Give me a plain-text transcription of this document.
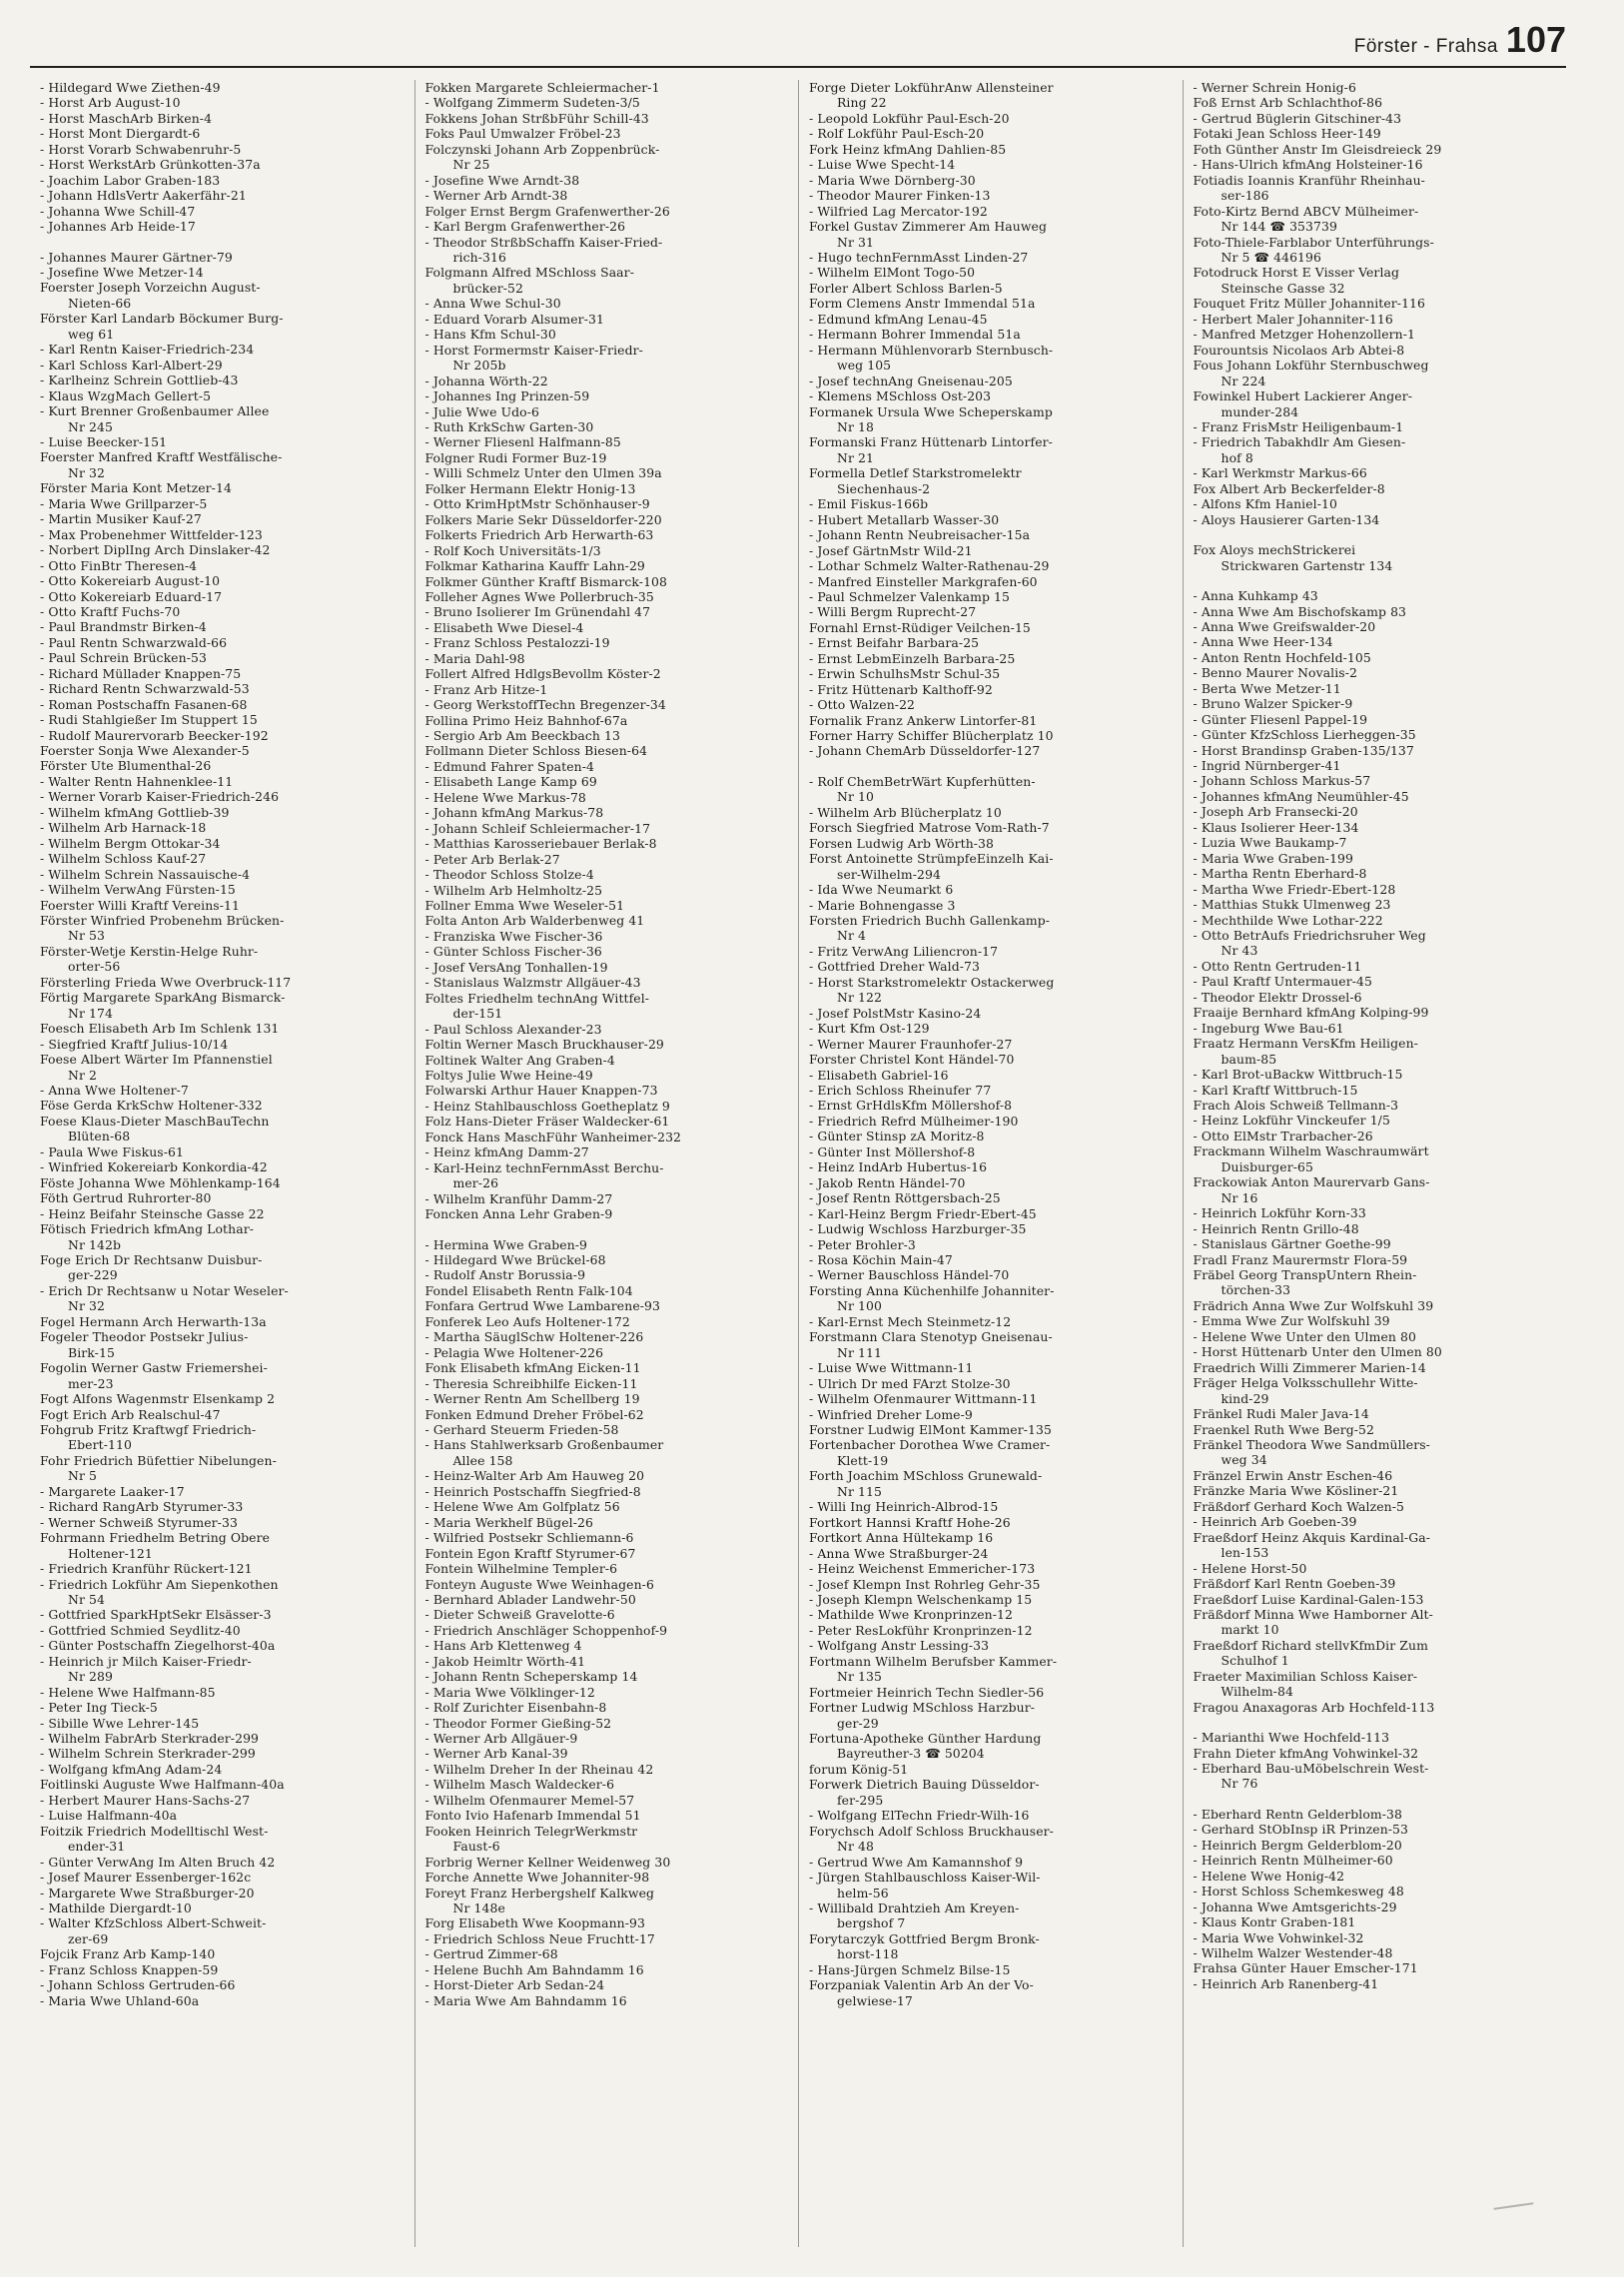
Förster - Frahsa 107
- Hildegard Wwe Ziethen-49
- Horst Arb August-10
- Horst MaschArb Birken-4
- Horst Mont Diergardt-6
- Horst Vorarb Schwabenruhr-5
- Horst WerkstArb Grünkotten-37a
- Joachim Labor Graben-183
- Johann HdlsVertr Aakerfähr-21
- Johanna Wwe Schill-47
- Johannes Arb Heide-17
- Johannes Maurer Gärtner-79
- Josefine Wwe Metzer-14
Foerster Joseph Vorzeichn August-
Nieten-66
Förster Karl Landarb Böckumer Burg-
weg 61
- Karl Rentn Kaiser-Friedrich-234
- Karl Schloss Karl-Albert-29
- Karlheinz Schrein Gottlieb-43
- Klaus WzgMach Gellert-5
- Kurt Brenner Großenbaumer Allee
Nr 245
- Luise Beecker-151
Foerster Manfred Kraftf Westfälische-
Nr 32
Förster Maria Kont Metzer-14
- Maria Wwe Grillparzer-5
- Martin Musiker Kauf-27
- Max Probenehmer Wittfelder-123
- Norbert DiplIng Arch Dinslaker-42
- Otto FinBtr Theresen-4
- Otto Kokereiarb August-10
- Otto Kokereiarb Eduard-17
- Otto Kraftf Fuchs-70
- Paul Brandmstr Birken-4
- Paul Rentn Schwarzwald-66
- Paul Schrein Brücken-53
- Richard Müllader Knappen-75
- Richard Rentn Schwarzwald-53
- Roman Postschaffn Fasanen-68
- Rudi Stahlgießer Im Stuppert 15
- Rudolf Maurervorarb Beecker-192
Foerster Sonja Wwe Alexander-5
Förster Ute Blumenthal-26
- Walter Rentn Hahnenklee-11
- Werner Vorarb Kaiser-Friedrich-246
- Wilhelm kfmAng Gottlieb-39
- Wilhelm Arb Harnack-18
- Wilhelm Bergm Ottokar-34
- Wilhelm Schloss Kauf-27
- Wilhelm Schrein Nassauische-4
- Wilhelm VerwAng Fürsten-15
Foerster Willi Kraftf Vereins-11
Förster Winfried Probenehm Brücken-
Nr 53
Förster-Wetje Kerstin-Helge Ruhr-
orter-56
Försterling Frieda Wwe Overbruck-117
Förtig Margarete SparkAng Bismarck-
Nr 174
Foesch Elisabeth Arb Im Schlenk 131
- Siegfried Kraftf Julius-10/14
Foese Albert Wärter Im Pfannenstiel
Nr 2
- Anna Wwe Holtener-7
Föse Gerda KrkSchw Holtener-332
Foese Klaus-Dieter MaschBauTechn
Blüten-68
- Paula Wwe Fiskus-61
- Winfried Kokereiarb Konkordia-42
Föste Johanna Wwe Möhlenkamp-164
Föth Gertrud Ruhrorter-80
- Heinz Beifahr Steinsche Gasse 22
Fötisch Friedrich kfmAng Lothar-
Nr 142b
Foge Erich Dr Rechtsanw Duisbur-
ger-229
- Erich Dr Rechtsanw u Notar Weseler-
Nr 32
Fogel Hermann Arch Herwarth-13a
Fogeler Theodor Postsekr Julius-
Birk-15
Fogolin Werner Gastw Friemershei-
mer-23
Fogt Alfons Wagenmstr Elsenkamp 2
Fogt Erich Arb Realschul-47
Fohgrub Fritz Kraftwgf Friedrich-
Ebert-110
Fohr Friedrich Büfettier Nibelungen-
Nr 5
- Margarete Laaker-17
- Richard RangArb Styrumer-33
- Werner Schweiß Styrumer-33
Fohrmann Friedhelm Betring Obere
Holtener-121
- Friedrich Kranführ Rückert-121
- Friedrich Lokführ Am Siepenkothen
Nr 54
- Gottfried SparkHptSekr Elsässer-3
- Gottfried Schmied Seydlitz-40
- Günter Postschaffn Ziegelhorst-40a
- Heinrich jr Milch Kaiser-Friedr-
Nr 289
- Helene Wwe Halfmann-85
- Peter Ing Tieck-5
- Sibille Wwe Lehrer-145
- Wilhelm FabrArb Sterkrader-299
- Wilhelm Schrein Sterkrader-299
- Wolfgang kfmAng Adam-24
Foitlinski Auguste Wwe Halfmann-40a
- Herbert Maurer Hans-Sachs-27
- Luise Halfmann-40a
Foitzik Friedrich Modelltischl West-
ender-31
- Günter VerwAng Im Alten Bruch 42
- Josef Maurer Essenberger-162c
- Margarete Wwe Straßburger-20
- Mathilde Diergardt-10
- Walter KfzSchloss Albert-Schweit-
zer-69
Fojcik Franz Arb Kamp-140
- Franz Schloss Knappen-59
- Johann Schloss Gertruden-66
- Maria Wwe Uhland-60a
Fokken Margarete Schleiermacher-1
- Wolfgang Zimmerm Sudeten-3/5
Fokkens Johan StrßbFühr Schill-43
Foks Paul Umwalzer Fröbel-23
Folczynski Johann Arb Zoppenbrück-
Nr 25
- Josefine Wwe Arndt-38
- Werner Arb Arndt-38
Folger Ernst Bergm Grafenwerther-26
- Karl Bergm Grafenwerther-26
- Theodor StrßbSchaffn Kaiser-Fried-
rich-316
Folgmann Alfred MSchloss Saar-
brücker-52
- Anna Wwe Schul-30
- Eduard Vorarb Alsumer-31
- Hans Kfm Schul-30
- Horst Formermstr Kaiser-Friedr-
Nr 205b
- Johanna Wörth-22
- Johannes Ing Prinzen-59
- Julie Wwe Udo-6
- Ruth KrkSchw Garten-30
- Werner Fliesenl Halfmann-85
Folgner Rudi Former Buz-19
- Willi Schmelz Unter den Ulmen 39a
Folker Hermann Elektr Honig-13
- Otto KrimHptMstr Schönhauser-9
Folkers Marie Sekr Düsseldorfer-220
Folkerts Friedrich Arb Herwarth-63
- Rolf Koch Universitäts-1/3
Folkmar Katharina Kauffr Lahn-29
Folkmer Günther Kraftf Bismarck-108
Folleher Agnes Wwe Pollerbruch-35
- Bruno Isolierer Im Grünendahl 47
- Elisabeth Wwe Diesel-4
- Franz Schloss Pestalozzi-19
- Maria Dahl-98
Follert Alfred HdlgsBevollm Köster-2
- Franz Arb Hitze-1
- Georg WerkstoffTechn Bregenzer-34
Follina Primo Heiz Bahnhof-67a
- Sergio Arb Am Beeckbach 13
Follmann Dieter Schloss Biesen-64
- Edmund Fahrer Spaten-4
- Elisabeth Lange Kamp 69
- Helene Wwe Markus-78
- Johann kfmAng Markus-78
- Johann Schleif Schleiermacher-17
- Matthias Karosseriebauer Berlak-8
- Peter Arb Berlak-27
- Theodor Schloss Stolze-4
- Wilhelm Arb Helmholtz-25
Follner Emma Wwe Weseler-51
Folta Anton Arb Walderbenweg 41
- Franziska Wwe Fischer-36
- Günter Schloss Fischer-36
- Josef VersAng Tonhallen-19
- Stanislaus Walzmstr Allgäuer-43
Foltes Friedhelm technAng Wittfel-
der-151
- Paul Schloss Alexander-23
Foltin Werner Masch Bruckhauser-29
Foltinek Walter Ang Graben-4
Foltys Julie Wwe Heine-49
Folwarski Arthur Hauer Knappen-73
- Heinz Stahlbauschloss Goetheplatz 9
Folz Hans-Dieter Fräser Waldecker-61
Fonck Hans MaschFühr Wanheimer-232
- Heinz kfmAng Damm-27
- Karl-Heinz technFernmAsst Berchu-
mer-26
- Wilhelm Kranführ Damm-27
Foncken Anna Lehr Graben-9
- Hermina Wwe Graben-9
- Hildegard Wwe Brückel-68
- Rudolf Anstr Borussia-9
Fondel Elisabeth Rentn Falk-104
Fonfara Gertrud Wwe Lambarene-93
Fonferek Leo Aufs Holtener-172
- Martha SäuglSchw Holtener-226
- Pelagia Wwe Holtener-226
Fonk Elisabeth kfmAng Eicken-11
- Theresia Schreibhilfe Eicken-11
- Werner Rentn Am Schellberg 19
Fonken Edmund Dreher Fröbel-62
- Gerhard Steuerm Frieden-58
- Hans Stahlwerksarb Großenbaumer
Allee 158
- Heinz-Walter Arb Am Hauweg 20
- Heinrich Postschaffn Siegfried-8
- Helene Wwe Am Golfplatz 56
- Maria Werkhelf Bügel-26
- Wilfried Postsekr Schliemann-6
Fontein Egon Kraftf Styrumer-67
Fontein Wilhelmine Templer-6
Fonteyn Auguste Wwe Weinhagen-6
- Bernhard Ablader Landwehr-50
- Dieter Schweiß Gravelotte-6
- Friedrich Anschläger Schoppenhof-9
- Hans Arb Klettenweg 4
- Jakob Heimltr Wörth-41
- Johann Rentn Scheperskamp 14
- Maria Wwe Völklinger-12
- Rolf Zurichter Eisenbahn-8
- Theodor Former Gießing-52
- Werner Arb Allgäuer-9
- Werner Arb Kanal-39
- Wilhelm Dreher In der Rheinau 42
- Wilhelm Masch Waldecker-6
- Wilhelm Ofenmaurer Memel-57
Fonto Ivio Hafenarb Immendal 51
Fooken Heinrich TelegrWerkmstr
Faust-6
Forbrig Werner Kellner Weidenweg 30
Forche Annette Wwe Johanniter-98
Foreyt Franz Herbergshelf Kalkweg
Nr 148e
Forg Elisabeth Wwe Koopmann-93
- Friedrich Schloss Neue Fruchtt-17
- Gertrud Zimmer-68
- Helene Buchh Am Bahndamm 16
- Horst-Dieter Arb Sedan-24
- Maria Wwe Am Bahndamm 16
Forge Dieter LokführAnw Allensteiner
Ring 22
- Leopold Lokführ Paul-Esch-20
- Rolf Lokführ Paul-Esch-20
Fork Heinz kfmAng Dahlien-85
- Luise Wwe Specht-14
- Maria Wwe Dörnberg-30
- Theodor Maurer Finken-13
- Wilfried Lag Mercator-192
Forkel Gustav Zimmerer Am Hauweg
Nr 31
- Hugo technFernmAsst Linden-27
- Wilhelm ElMont Togo-50
Forler Albert Schloss Barlen-5
Form Clemens Anstr Immendal 51a
- Edmund kfmAng Lenau-45
- Hermann Bohrer Immendal 51a
- Hermann Mühlenvorarb Sternbusch-
weg 105
- Josef technAng Gneisenau-205
- Klemens MSchloss Ost-203
Formanek Ursula Wwe Scheperskamp
Nr 18
Formanski Franz Hüttenarb Lintorfer-
Nr 21
Formella Detlef Starkstromelektr
Siechenhaus-2
- Emil Fiskus-166b
- Hubert Metallarb Wasser-30
- Johann Rentn Neubreisacher-15a
- Josef GärtnMstr Wild-21
- Lothar Schmelz Walter-Rathenau-29
- Manfred Einsteller Markgrafen-60
- Paul Schmelzer Valenkamp 15
- Willi Bergm Ruprecht-27
Fornahl Ernst-Rüdiger Veilchen-15
- Ernst Beifahr Barbara-25
- Ernst LebmEinzelh Barbara-25
- Erwin SchulhsMstr Schul-35
- Fritz Hüttenarb Kalthoff-92
- Otto Walzen-22
Fornalik Franz Ankerw Lintorfer-81
Forner Harry Schiffer Blücherplatz 10
- Johann ChemArb Düsseldorfer-127
- Rolf ChemBetrWärt Kupferhütten-
Nr 10
- Wilhelm Arb Blücherplatz 10
Forsch Siegfried Matrose Vom-Rath-7
Forsen Ludwig Arb Wörth-38
Forst Antoinette StrümpfeEinzelh Kai-
ser-Wilhelm-294
- Ida Wwe Neumarkt 6
- Marie Bohnengasse 3
Forsten Friedrich Buchh Gallenkamp-
Nr 4
- Fritz VerwAng Liliencron-17
- Gottfried Dreher Wald-73
- Horst Starkstromelektr Ostackerweg
Nr 122
- Josef PolstMstr Kasino-24
- Kurt Kfm Ost-129
- Werner Maurer Fraunhofer-27
Forster Christel Kont Händel-70
- Elisabeth Gabriel-16
- Erich Schloss Rheinufer 77
- Ernst GrHdlsKfm Möllershof-8
- Friedrich Refrd Mülheimer-190
- Günter Stinsp zA Moritz-8
- Günter Inst Möllershof-8
- Heinz IndArb Hubertus-16
- Jakob Rentn Händel-70
- Josef Rentn Röttgersbach-25
- Karl-Heinz Bergm Friedr-Ebert-45
- Ludwig Wschloss Harzburger-35
- Peter Brohler-3
- Rosa Köchin Main-47
- Werner Bauschloss Händel-70
Forsting Anna Küchenhilfe Johanniter-
Nr 100
- Karl-Ernst Mech Steinmetz-12
Forstmann Clara Stenotyp Gneisenau-
Nr 111
- Luise Wwe Wittmann-11
- Ulrich Dr med FArzt Stolze-30
- Wilhelm Ofenmaurer Wittmann-11
- Winfried Dreher Lome-9
Forstner Ludwig ElMont Kammer-135
Fortenbacher Dorothea Wwe Cramer-
Klett-19
Forth Joachim MSchloss Grunewald-
Nr 115
- Willi Ing Heinrich-Albrod-15
Fortkort Hannsi Kraftf Hohe-26
Fortkort Anna Hültekamp 16
- Anna Wwe Straßburger-24
- Heinz Weichenst Emmericher-173
- Josef Klempn Inst Rohrleg Gehr-35
- Joseph Klempn Welschenkamp 15
- Mathilde Wwe Kronprinzen-12
- Peter ResLokführ Kronprinzen-12
- Wolfgang Anstr Lessing-33
Fortmann Wilhelm Berufsber Kammer-
Nr 135
Fortmeier Heinrich Techn Siedler-56
Fortner Ludwig MSchloss Harzbur-
ger-29
Fortuna-Apotheke Günther Hardung
Bayreuther-3 ☎ 50204
forum König-51
Forwerk Dietrich Bauing Düsseldor-
fer-295
- Wolfgang ElTechn Friedr-Wilh-16
Forychsch Adolf Schloss Bruckhauser-
Nr 48
- Gertrud Wwe Am Kamannshof 9
- Jürgen Stahlbauschloss Kaiser-Wil-
helm-56
- Willibald Drahtzieh Am Kreyen-
bergshof 7
Forytarczyk Gottfried Bergm Bronk-
horst-118
- Hans-Jürgen Schmelz Bilse-15
Forzpaniak Valentin Arb An der Vo-
gelwiese-17
- Werner Schrein Honig-6
Foß Ernst Arb Schlachthof-86
- Gertrud Büglerin Gitschiner-43
Fotaki Jean Schloss Heer-149
Foth Günther Anstr Im Gleisdreieck 29
- Hans-Ulrich kfmAng Holsteiner-16
Fotiadis Ioannis Kranführ Rheinhau-
ser-186
Foto-Kirtz Bernd ABCV Mülheimer-
Nr 144 ☎ 353739
Foto-Thiele-Farblabor Unterführungs-
Nr 5 ☎ 446196
Fotodruck Horst E Visser Verlag
Steinsche Gasse 32
Fouquet Fritz Müller Johanniter-116
- Herbert Maler Johanniter-116
- Manfred Metzger Hohenzollern-1
Fourountsis Nicolaos Arb Abtei-8
Fous Johann Lokführ Sternbuschweg
Nr 224
Fowinkel Hubert Lackierer Anger-
munder-284
- Franz FrisMstr Heiligenbaum-1
- Friedrich Tabakhdlr Am Giesen-
hof 8
- Karl Werkmstr Markus-66
Fox Albert Arb Beckerfelder-8
- Alfons Kfm Haniel-10
- Aloys Hausierer Garten-134
Fox Aloys mechStrickerei
Strickwaren Gartenstr 134
- Anna Kuhkamp 43
- Anna Wwe Am Bischofskamp 83
- Anna Wwe Greifswalder-20
- Anna Wwe Heer-134
- Anton Rentn Hochfeld-105
- Benno Maurer Novalis-2
- Berta Wwe Metzer-11
- Bruno Walzer Spicker-9
- Günter Fliesenl Pappel-19
- Günter KfzSchloss Lierheggen-35
- Horst Brandinsp Graben-135/137
- Ingrid Nürnberger-41
- Johann Schloss Markus-57
- Johannes kfmAng Neumühler-45
- Joseph Arb Fransecki-20
- Klaus Isolierer Heer-134
- Luzia Wwe Baukamp-7
- Maria Wwe Graben-199
- Martha Rentn Eberhard-8
- Martha Wwe Friedr-Ebert-128
- Matthias Stukk Ulmenweg 23
- Mechthilde Wwe Lothar-222
- Otto BetrAufs Friedrichsruher Weg
Nr 43
- Otto Rentn Gertruden-11
- Paul Kraftf Untermauer-45
- Theodor Elektr Drossel-6
Fraaije Bernhard kfmAng Kolping-99
- Ingeburg Wwe Bau-61
Fraatz Hermann VersKfm Heiligen-
baum-85
- Karl Brot-uBackw Wittbruch-15
- Karl Kraftf Wittbruch-15
Frach Alois Schweiß Tellmann-3
- Heinz Lokführ Vinckeufer 1/5
- Otto ElMstr Trarbacher-26
Frackmann Wilhelm Waschraumwärt
Duisburger-65
Frackowiak Anton Maurervarb Gans-
Nr 16
- Heinrich Lokführ Korn-33
- Heinrich Rentn Grillo-48
- Stanislaus Gärtner Goethe-99
Fradl Franz Maurermstr Flora-59
Fräbel Georg TranspUntern Rhein-
törchen-33
Frädrich Anna Wwe Zur Wolfskuhl 39
- Emma Wwe Zur Wolfskuhl 39
- Helene Wwe Unter den Ulmen 80
- Horst Hüttenarb Unter den Ulmen 80
Fraedrich Willi Zimmerer Marien-14
Fräger Helga Volksschullehr Witte-
kind-29
Fränkel Rudi Maler Java-14
Fraenkel Ruth Wwe Berg-52
Fränkel Theodora Wwe Sandmüllers-
weg 34
Fränzel Erwin Anstr Eschen-46
Fränzke Maria Wwe Kösliner-21
Fräßdorf Gerhard Koch Walzen-5
- Heinrich Arb Goeben-39
Fraeßdorf Heinz Akquis Kardinal-Ga-
len-153
- Helene Horst-50
Fräßdorf Karl Rentn Goeben-39
Fraeßdorf Luise Kardinal-Galen-153
Fräßdorf Minna Wwe Hamborner Alt-
markt 10
Fraeßdorf Richard stellvKfmDir Zum
Schulhof 1
Fraeter Maximilian Schloss Kaiser-
Wilhelm-84
Fragou Anaxagoras Arb Hochfeld-113
- Marianthi Wwe Hochfeld-113
Frahn Dieter kfmAng Vohwinkel-32
- Eberhard Bau-uMöbelschrein West-
Nr 76
- Eberhard Rentn Gelderblom-38
- Gerhard StObInsp iR Prinzen-53
- Heinrich Bergm Gelderblom-20
- Heinrich Rentn Mülheimer-60
- Helene Wwe Honig-42
- Horst Schloss Schemkesweg 48
- Johanna Wwe Amtsgerichts-29
- Klaus Kontr Graben-181
- Maria Wwe Vohwinkel-32
- Wilhelm Walzer Westender-48
Frahsa Günter Hauer Emscher-171
- Heinrich Arb Ranenberg-41
